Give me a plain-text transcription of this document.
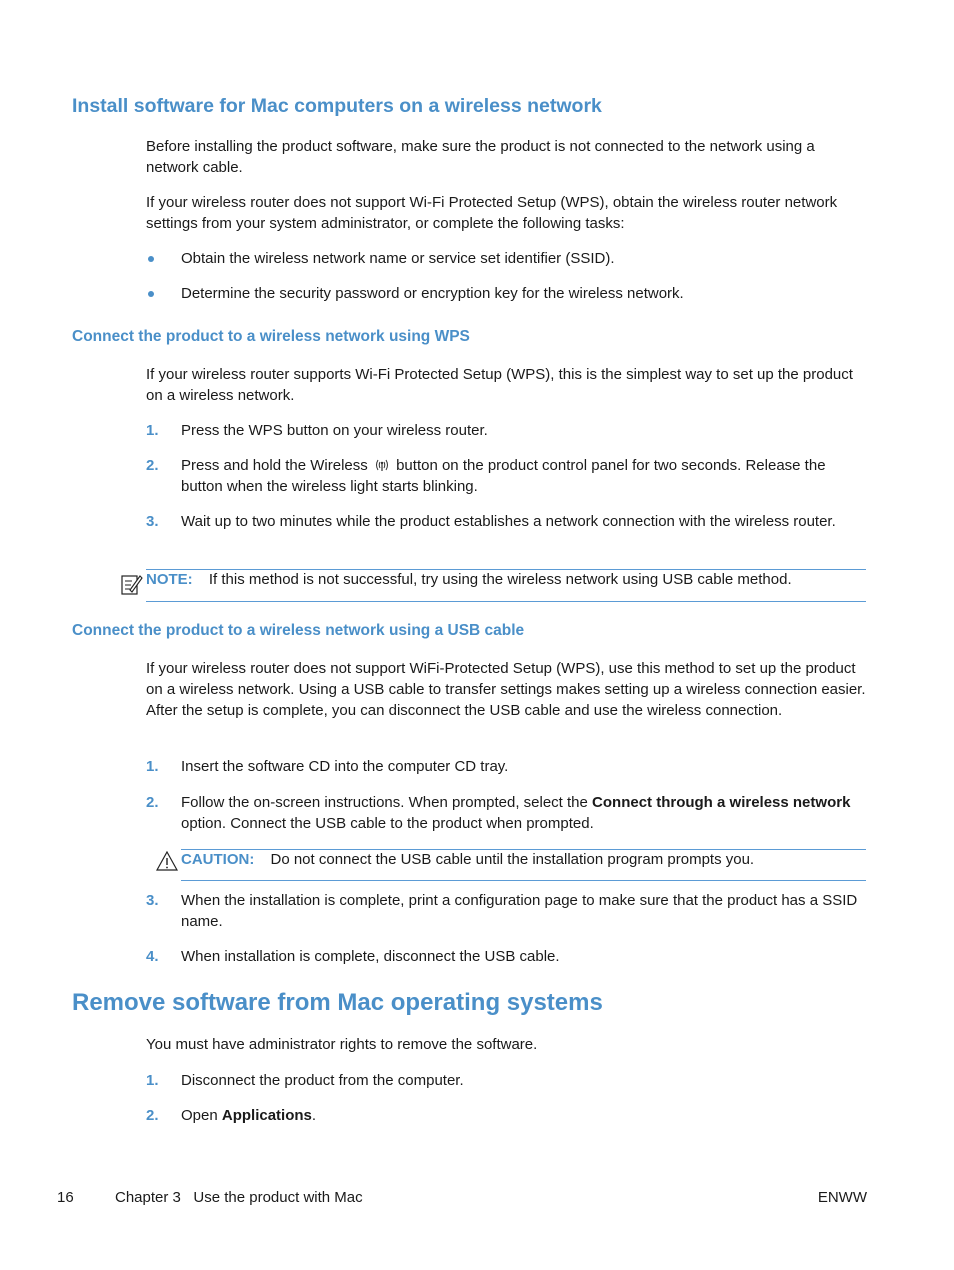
Install software for Mac computers on a wireless network
Before installing the product software, make sure the product is not connected to the network using a network cable.
If your wireless router does not support Wi-Fi Protected Setup (WPS), obtain the wireless router network settings from your system administrator, or complete the following tasks:
Obtain the wireless network name or service set identifier (SSID).
Determine the security password or encryption key for the wireless network.
Connect the product to a wireless network using WPS
If your wireless router supports Wi-Fi Protected Setup (WPS), this is the simplest way to set up the product on a wireless network.
1. Press the WPS button on your wireless router.
2. Press and hold the Wireless  button on the product control panel for two seconds. Release the button when the wireless light starts blinking.
3. Wait up to two minutes while the product establishes a network connection with the wireless router.
NOTE: If this method is not successful, try using the wireless network using USB cable method.
Connect the product to a wireless network using a USB cable
If your wireless router does not support WiFi-Protected Setup (WPS), use this method to set up the product on a wireless network. Using a USB cable to transfer settings makes setting up a wireless connection easier. After the setup is complete, you can disconnect the USB cable and use the wireless connection.
1. Insert the software CD into the computer CD tray.
2. Follow the on-screen instructions. When prompted, select the Connect through a wireless network option. Connect the USB cable to the product when prompted.
CAUTION: Do not connect the USB cable until the installation program prompts you.
3. When the installation is complete, print a configuration page to make sure that the product has a SSID name.
4. When installation is complete, disconnect the USB cable.
Remove software from Mac operating systems
You must have administrator rights to remove the software.
1. Disconnect the product from the computer.
2. Open Applications.
16	Chapter 3   Use the product with Mac	ENWW
